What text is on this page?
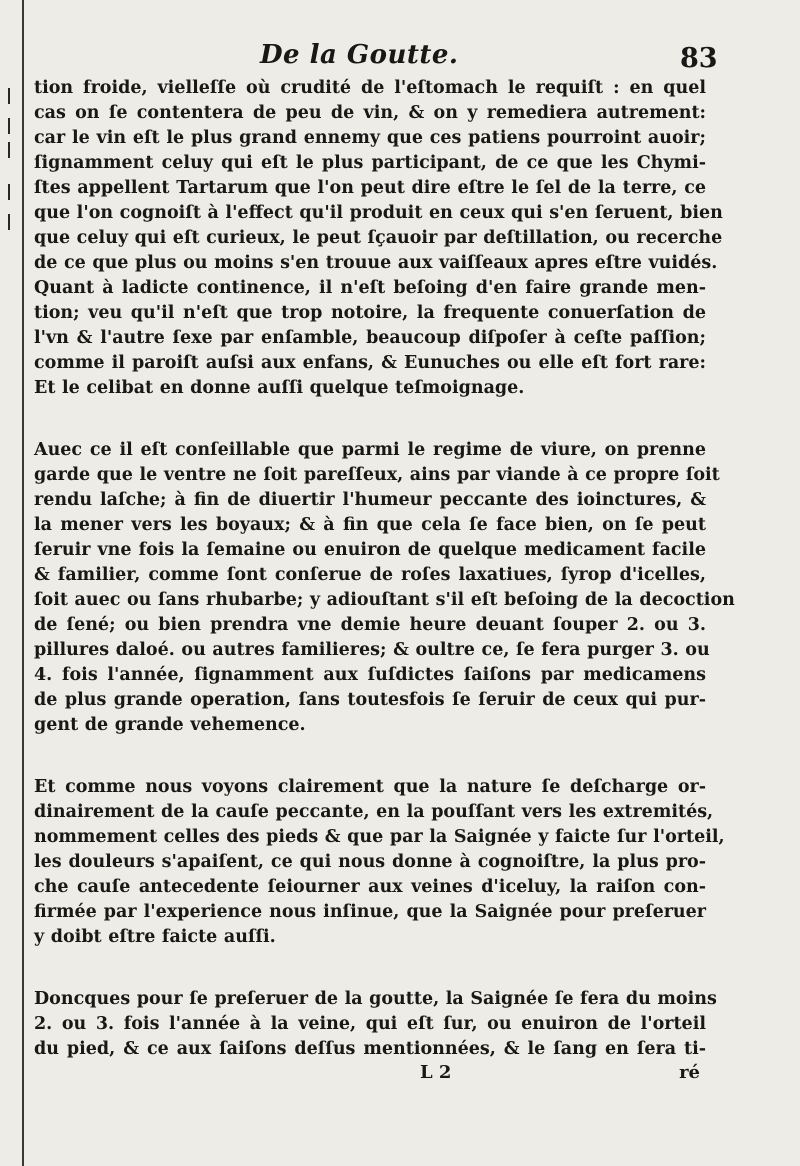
De la Goutte.	83
tion froide, vielleſſe où crudité de l'eſtomach le requiſt : en quel
cas on ſe contentera de peu de vin, & on y remediera autrement:
car le vin eſt le plus grand ennemy que ces patiens pourroint auoir;
ſignamment celuy qui eſt le plus participant, de ce que les Chymi-
ſtes appellent Tartarum que l'on peut dire eſtre le ſel de la terre, ce
que l'on cognoiſt à l'effect qu'il produit en ceux qui s'en ſeruent, bien
que celuy qui eſt curieux, le peut ſçauoir par deſtillation, ou recerche
de ce que plus ou moins s'en trouue aux vaiſſeaux apres eſtre vuidés.
Quant à ladicte continence, il n'eſt beſoing d'en faire grande men-
tion; veu qu'il n'eſt que trop notoire, la frequente conuerſation de
l'vn & l'autre ſexe par enſamble, beaucoup diſpoſer à ceſte paſſion;
comme il paroiſt auſsi aux enfans, & Eunuches ou elle eſt fort rare:
Et le celibat en donne auſſi quelque teſmoignage.
Auec ce il eſt conſeillable que parmi le regime de viure, on prenne
garde que le ventre ne ſoit pareſſeux, ains par viande à ce propre ſoit
rendu laſche; à fin de diuertir l'humeur peccante des ioinctures, &
la mener vers les boyaux; & à fin que cela ſe face bien, on ſe peut
ſeruir vne fois la ſemaine ou enuiron de quelque medicament facile
& familier, comme ſont conſerue de roſes laxatiues, ſyrop d'icelles,
ſoit auec ou ſans rhubarbe; y adiouſtant s'il eſt beſoing de la decoction
de ſené; ou bien prendra vne demie heure deuant ſouper 2. ou 3.
pillures daloé. ou autres familieres; & oultre ce, ſe fera purger 3. ou
4. fois l'année, ſignamment aux ſuſdictes ſaiſons par medicamens
de plus grande operation, ſans toutesfois ſe ſeruir de ceux qui pur-
gent de grande vehemence.
Et comme nous voyons clairement que la nature ſe deſcharge or-
dinairement de la cauſe peccante, en la pouſſant vers les extremités,
nommement celles des pieds & que par la Saignée y faicte ſur l'orteil,
les douleurs s'apaiſent, ce qui nous donne à cognoiſtre, la plus pro-
che cauſe antecedente ſeiourner aux veines d'iceluy, la raiſon con-
firmée par l'experience nous inſinue, que la Saignée pour preſeruer
y doibt eſtre faicte auſſi.
Doncques pour ſe preſeruer de la goutte, la Saignée ſe fera du moins
2. ou 3. fois l'année à la veine, qui eſt ſur, ou enuiron de l'orteil
du pied, & ce aux ſaiſons deſſus mentionnées, & le ſang en ſera ti-
L 2	ré
